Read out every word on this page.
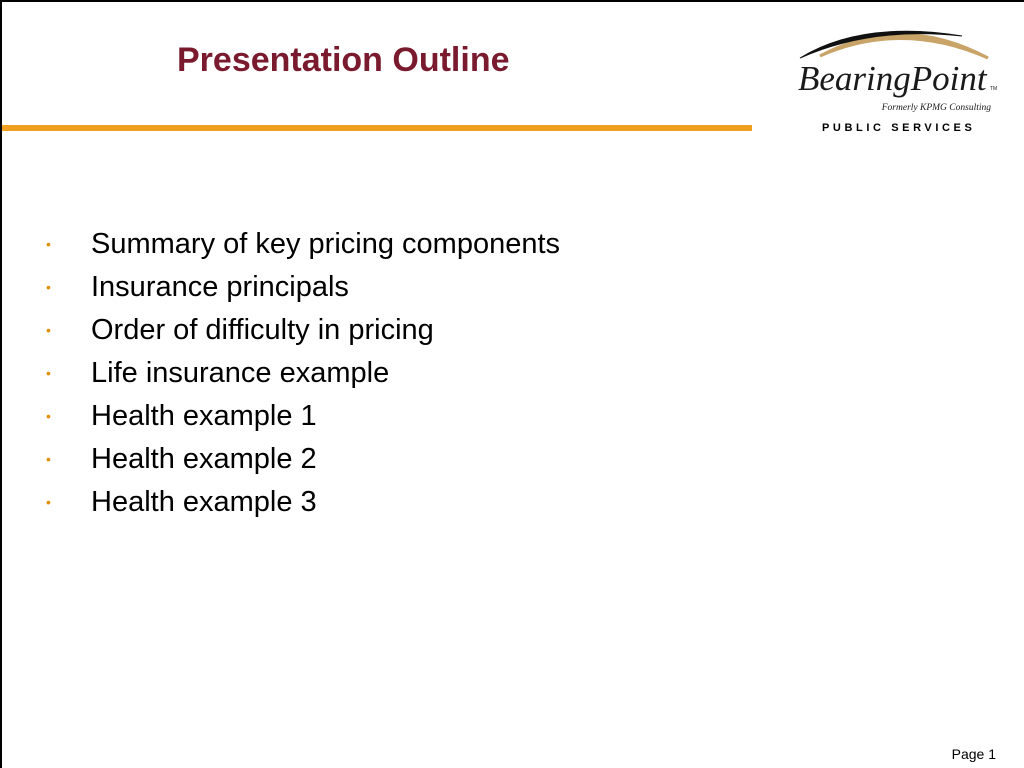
Presentation Outline	BearingPoint TM
Formerly KPMG Consulting
PUBLIC SERVICES
• Summary of key pricing components
• Insurance principals
• Order of difficulty in pricing
• Life insurance example
• Health example 1
• Health example 2
• Health example 3
Page 1
